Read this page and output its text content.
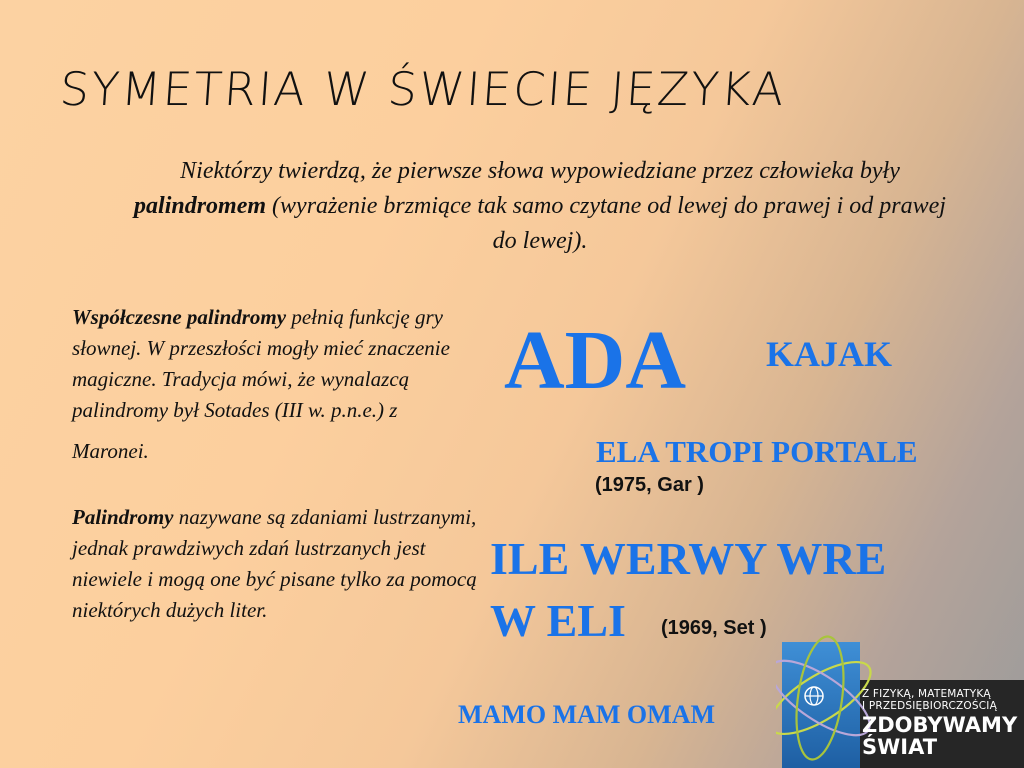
SYMETRIA W ŚWIECIE JĘZYKA
Niektórzy twierdzą, że pierwsze słowa wypowiedziane przez człowieka były palindromem (wyrażenie brzmiące tak samo czytane od lewej do prawej i od prawej do lewej).

Współczesne palindromy pełnią funkcję gry słownej. W przeszłości mogły mieć znaczenie magiczne. Tradycja mówi, że wynalazcą palindromy był Sotades (III w. p.n.e.) z
Maronei.

Palindromy nazywane są zdaniami lustrzanymi, jednak prawdziwych zdań lustrzanych jest niewiele i mogą one być pisane tylko za pomocą niektórych dużych liter.

ADA KAJAK
ELA TROPI PORTALE
(1975, Gar )
ILE WERWY WRE
W ELI (1969, Set )
MAMO MAM OMAM
Z FIZYKĄ, MATEMATYKĄ
I PRZEDSIĘBIORCZOŚCIĄ
ZDOBYWAMY
ŚWIAT
